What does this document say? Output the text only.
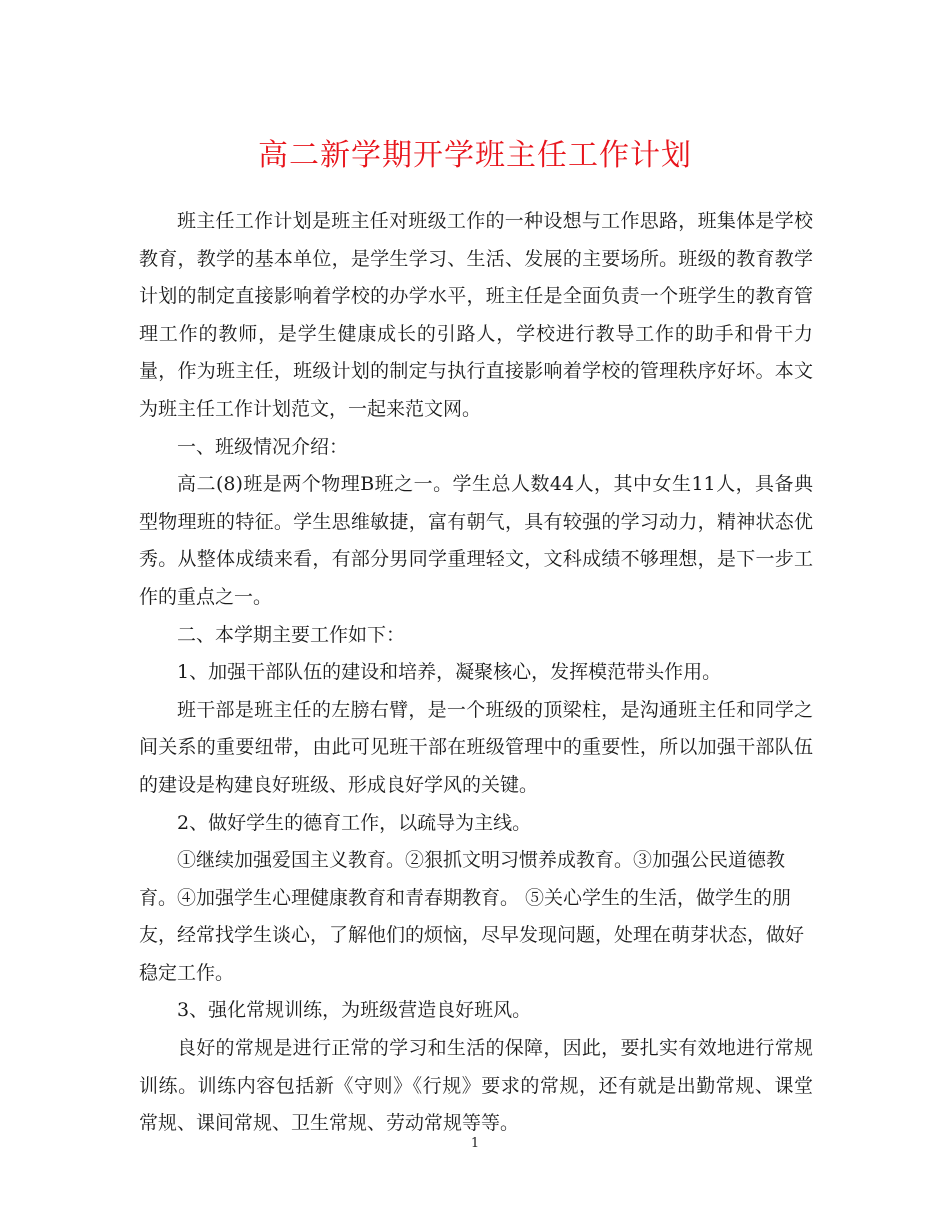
高二新学期开学班主任工作计划

班主任工作计划是班主任对班级工作的一种设想与工作思路，班集体是学校教育，教学的基本单位，是学生学习、生活、发展的主要场所。班级的教育教学计划的制定直接影响着学校的办学水平，班主任是全面负责一个班学生的教育管理工作的教师，是学生健康成长的引路人，学校进行教导工作的助手和骨干力量，作为班主任，班级计划的制定与执行直接影响着学校的管理秩序好坏。本文为班主任工作计划范文，一起来范文网。

一、班级情况介绍：

高二(8)班是两个物理B班之一。学生总人数44人，其中女生11人，具备典型物理班的特征。学生思维敏捷，富有朝气，具有较强的学习动力，精神状态优秀。从整体成绩来看，有部分男同学重理轻文，文科成绩不够理想，是下一步工作的重点之一。

二、本学期主要工作如下：

1、加强干部队伍的建设和培养，凝聚核心，发挥模范带头作用。

班干部是班主任的左膀右臂，是一个班级的顶梁柱，是沟通班主任和同学之间关系的重要纽带，由此可见班干部在班级管理中的重要性，所以加强干部队伍的建设是构建良好班级、形成良好学风的关键。

2、做好学生的德育工作，以疏导为主线。

①继续加强爱国主义教育。②狠抓文明习惯养成教育。③加强公民道德教育。④加强学生心理健康教育和青春期教育。 ⑤关心学生的生活，做学生的朋友，经常找学生谈心，了解他们的烦恼，尽早发现问题，处理在萌芽状态，做好稳定工作。

3、强化常规训练，为班级营造良好班风。

良好的常规是进行正常的学习和生活的保障，因此，要扎实有效地进行常规训练。训练内容包括新《守则》《行规》要求的常规，还有就是出勤常规、课堂常规、课间常规、卫生常规、劳动常规等等。

1
